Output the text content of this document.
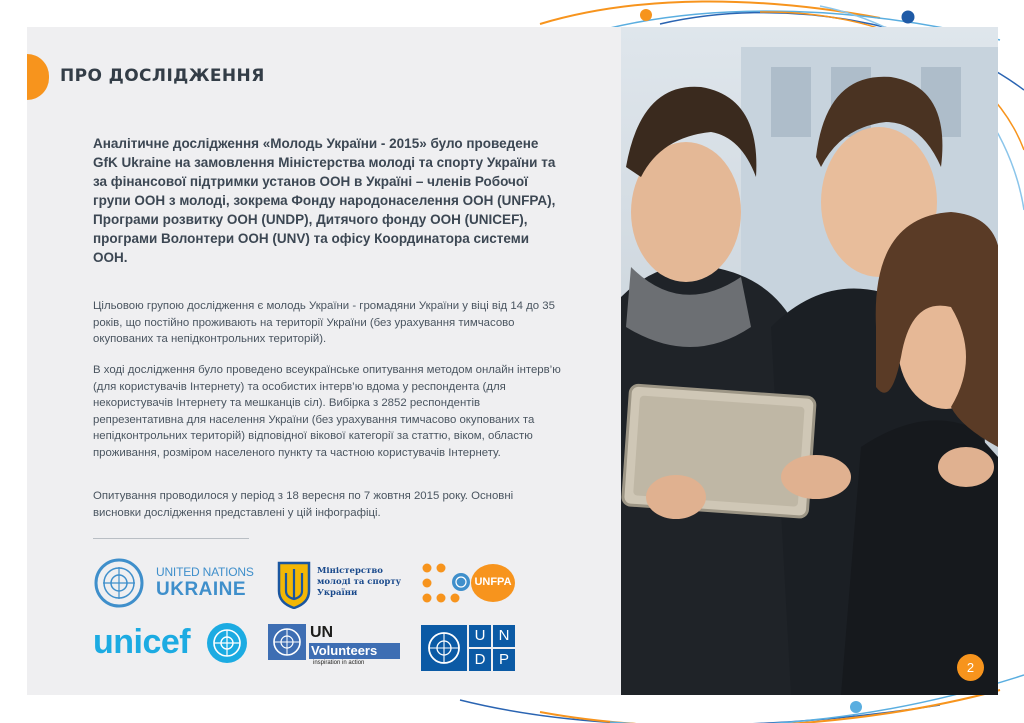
ПРО ДОСЛІДЖЕННЯ

Аналітичне дослідження «Молодь України - 2015» було проведене GfK Ukraine на замовлення Міністерства молоді та спорту України та за фінансової підтримки установ ООН в Україні – членів Робочої групи ООН з молоді, зокрема Фонду народонаселення ООН (UNFPA), Програми розвитку ООН (UNDP), Дитячого фонду ООН (UNICEF), програми Волонтери ООН (UNV) та офісу Координатора системи ООН.

Цільовою групою дослідження є молодь України - громадяни України у віці від 14 до 35 років, що постійно проживають на території України (без урахування тимчасово окупованих та непідконтрольних територій).

В ході дослідження було проведено всеукраїнське опитування методом онлайн інтерв’ю (для користувачів Інтернету) та особистих інтерв’ю вдома у респондента (для некористувачів Інтернету та мешканців сіл). Вибірка з 2852 респондентів репрезентативна для населення України (без урахування тимчасово окупованих та непідконтрольних територій) відповідної вікової категорії за статтю, віком, областю проживання, розміром населеного пункту та частною користувачів Інтернету.

Опитування проводилося у період з 18 вересня по 7 жовтня 2015 року. Основні висновки дослідження представлені у цій інфографіці.

UNITED NATIONS
UKRAINE
Міністерство
молоді та спорту
України
UNFPA
unicef	UN
Volunteers
inspiration in action
U N
D P	2
